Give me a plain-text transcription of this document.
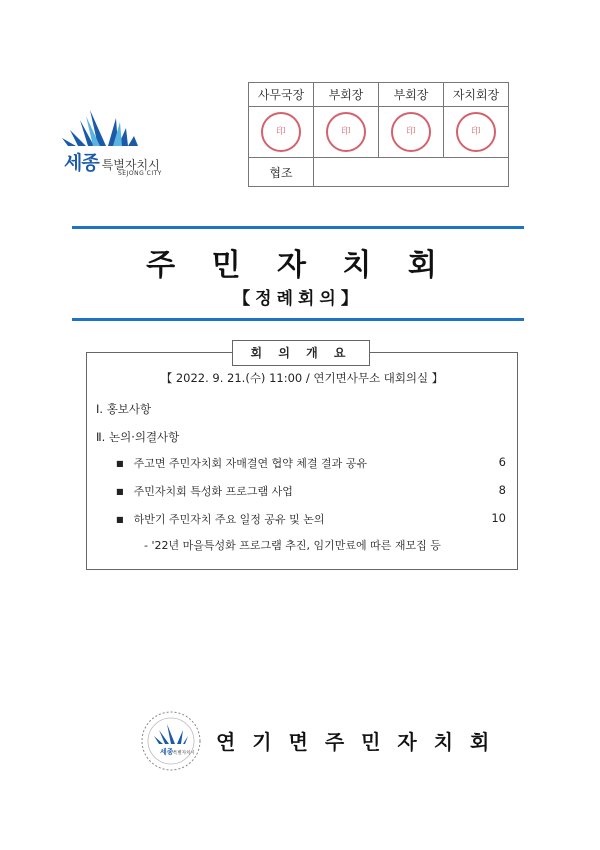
세종 특별자치시
SEJONG CITY
사무국장	부회장	부회장	자치회장

印	印	印	印

협조			
주 민 자 치 회
【정례회의】
회 의 개 요
【 2022. 9. 21.(수) 11:00 / 연기면사무소 대회의실 】
Ⅰ. 홍보사항
Ⅱ. 논의·의결사항
■ 주고면 주민자치회 자매결연 협약 체결 결과 공유	6
■ 주민자치회 특성화 프로그램 사업	8
■ 하반기 주민자치 주요 일정 공유 및 논의	10
- '22년 마을특성화 프로그램 추진, 임기만료에 따른 재모집 등
세종 특별자치시 연 기 면 주 민 자 치 회
